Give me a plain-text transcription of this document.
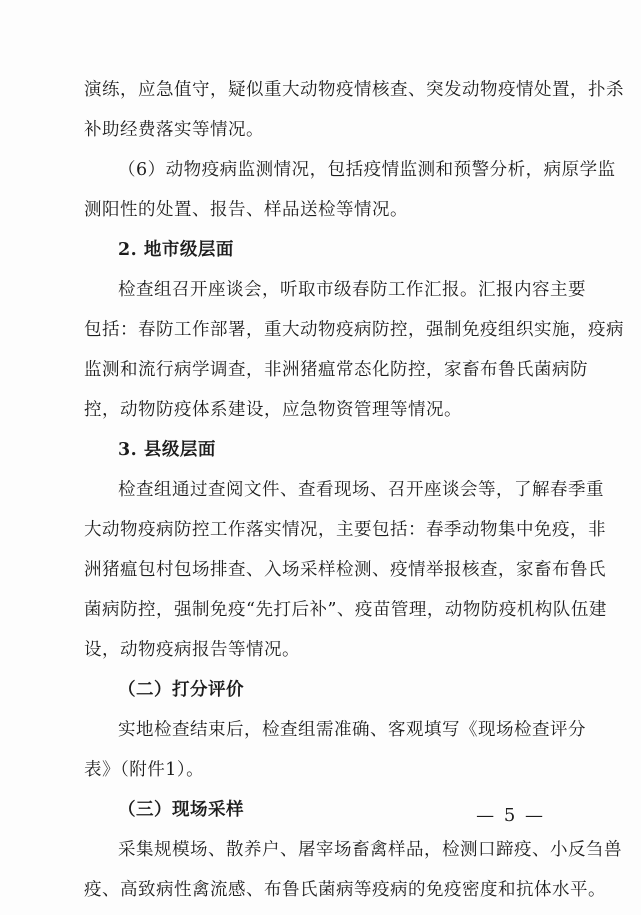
演练，应急值守，疑似重大动物疫情核查、突发动物疫情处置，扑杀
补助经费落实等情况。
（6）动物疫病监测情况，包括疫情监测和预警分析，病原学监
测阳性的处置、报告、样品送检等情况。
2. 地市级层面
检查组召开座谈会，听取市级春防工作汇报。汇报内容主要
包括：春防工作部署，重大动物疫病防控，强制免疫组织实施，疫病
监测和流行病学调查，非洲猪瘟常态化防控，家畜布鲁氏菌病防
控，动物防疫体系建设，应急物资管理等情况。
3. 县级层面
检查组通过查阅文件、查看现场、召开座谈会等，了解春季重
大动物疫病防控工作落实情况，主要包括：春季动物集中免疫，非
洲猪瘟包村包场排查、入场采样检测、疫情举报核查，家畜布鲁氏
菌病防控，强制免疫“先打后补”、疫苗管理，动物防疫机构队伍建
设，动物疫病报告等情况。
（二）打分评价
实地检查结束后，检查组需准确、客观填写《现场检查评分
表》（附件1）。
（三）现场采样
采集规模场、散养户、屠宰场畜禽样品，检测口蹄疫、小反刍兽
疫、高致病性禽流感、布鲁氏菌病等疫病的免疫密度和抗体水平。
— 5 —
